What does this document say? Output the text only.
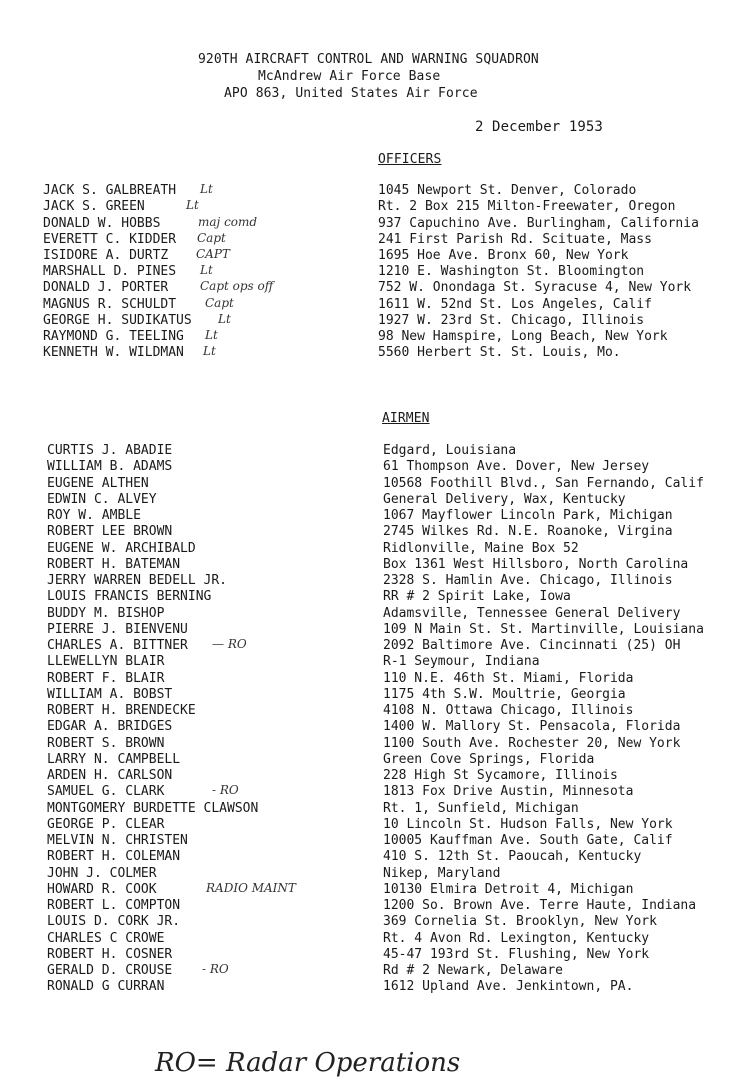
920TH AIRCRAFT CONTROL AND WARNING SQUADRON
McAndrew Air Force Base
APO 863, United States Air Force
2 December 1953
OFFICERS
JACK S. GALBREATH Lt	1045 Newport St. Denver, Colorado
JACK S. GREEN	Lt	Rt. 2 Box 215 Milton-Freewater, Oregon
DONALD W. HOBBS	maj comd	937 Capuchino Ave. Burlingham, California
EVERETT C. KIDDER Capt	241 First Parish Rd. Scituate, Mass
ISIDORE A. DURTZ CAPT	1695 Hoe Ave. Bronx 60, New York
MARSHALL D. PINES Lt	1210 E. Washington St. Bloomington
DONALD J. PORTER	Capt ops off	752 W. Onondaga St. Syracuse 4, New York
MAGNUS R. SCHULDT Capt	1611 W. 52nd St. Los Angeles, Calif
GEORGE H. SUDIKATUS Lt	1927 W. 23rd St. Chicago, Illinois
RAYMOND G. TEELING Lt	98 New Hamspire, Long Beach, New York
KENNETH W. WILDMAN Lt	5560 Herbert St. St. Louis, Mo.
AIRMEN
CURTIS J. ABADIE	Edgard, Louisiana
WILLIAM B. ADAMS	61 Thompson Ave. Dover, New Jersey
EUGENE ALTHEN	10568 Foothill Blvd., San Fernando, Calif
EDWIN C. ALVEY	General Delivery, Wax, Kentucky
ROY W. AMBLE	1067 Mayflower Lincoln Park, Michigan
ROBERT LEE BROWN	2745 Wilkes Rd. N.E. Roanoke, Virgina
EUGENE W. ARCHIBALD	Ridlonville, Maine Box 52
ROBERT H. BATEMAN	Box 1361 West Hillsboro, North Carolina
JERRY WARREN BEDELL JR.	2328 S. Hamlin Ave. Chicago, Illinois
LOUIS FRANCIS BERNING	RR # 2 Spirit Lake, Iowa
BUDDY M. BISHOP	Adamsville, Tennessee General Delivery
PIERRE J. BIENVENU	109 N Main St. St. Martinville, Louisiana
CHARLES A. BITTNER — RO	2092 Baltimore Ave. Cincinnati (25) OH
LLEWELLYN BLAIR	R-1 Seymour, Indiana
ROBERT F. BLAIR	110 N.E. 46th St. Miami, Florida
WILLIAM A. BOBST	1175 4th S.W. Moultrie, Georgia
ROBERT H. BRENDECKE	4108 N. Ottawa Chicago, Illinois
EDGAR A. BRIDGES	1400 W. Mallory St. Pensacola, Florida
ROBERT S. BROWN	1100 South Ave. Rochester 20, New York
LARRY N. CAMPBELL	Green Cove Springs, Florida
ARDEN H. CARLSON	228 High St Sycamore, Illinois
SAMUEL G. CLARK	- RO	1813 Fox Drive Austin, Minnesota
MONTGOMERY BURDETTE CLAWSON	Rt. 1, Sunfield, Michigan
GEORGE P. CLEAR	10 Lincoln St. Hudson Falls, New York
MELVIN N. CHRISTEN	10005 Kauffman Ave. South Gate, Calif
ROBERT H. COLEMAN	410 S. 12th St. Paoucah, Kentucky
JOHN J. COLMER	Nikep, Maryland
HOWARD R. COOK	RADIO MAINT	10130 Elmira Detroit 4, Michigan
ROBERT L. COMPTON	1200 So. Brown Ave. Terre Haute, Indiana
LOUIS D. CORK JR.	369 Cornelia St. Brooklyn, New York
CHARLES C CROWE	Rt. 4 Avon Rd. Lexington, Kentucky
ROBERT H. COSNER	45-47 193rd St. Flushing, New York
GERALD D. CROUSE - RO	Rd # 2 Newark, Delaware
RONALD G CURRAN	1612 Upland Ave. Jenkintown, PA.
RO= Radar Operations
